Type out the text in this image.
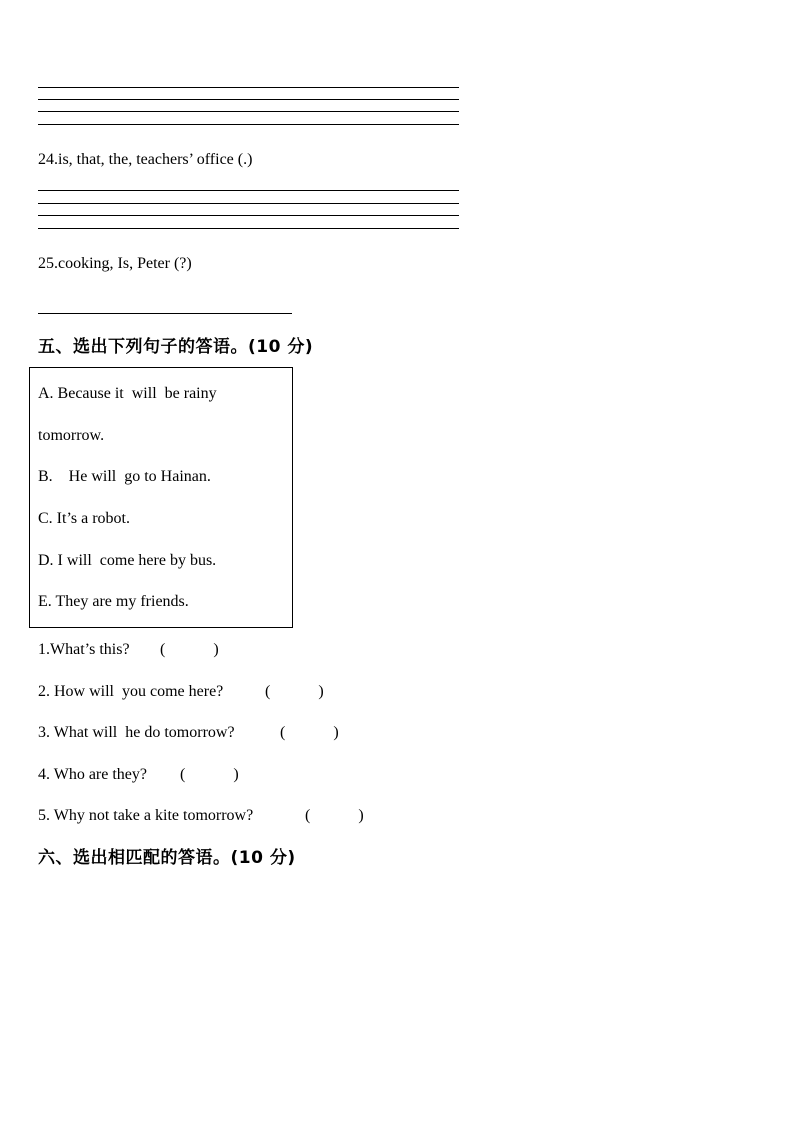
24.is, that, the, teachers’ office (.)
25.cooking, Is, Peter (?)
五、选出下列句子的答语。(10 分)
A. Because it  will  be rainy
tomorrow.
B.    He will  go to Hainan.
C. It’s a robot.
D. I will  come here by bus.
E. They are my friends.
1.What’s this? (            )
2. How will  you come here?	(            )
3. What will  he do tomorrow?	(            )
4. Who are they? (            )
5. Why not take a kite tomorrow?	(            )
六、选出相匹配的答语。(10 分)
